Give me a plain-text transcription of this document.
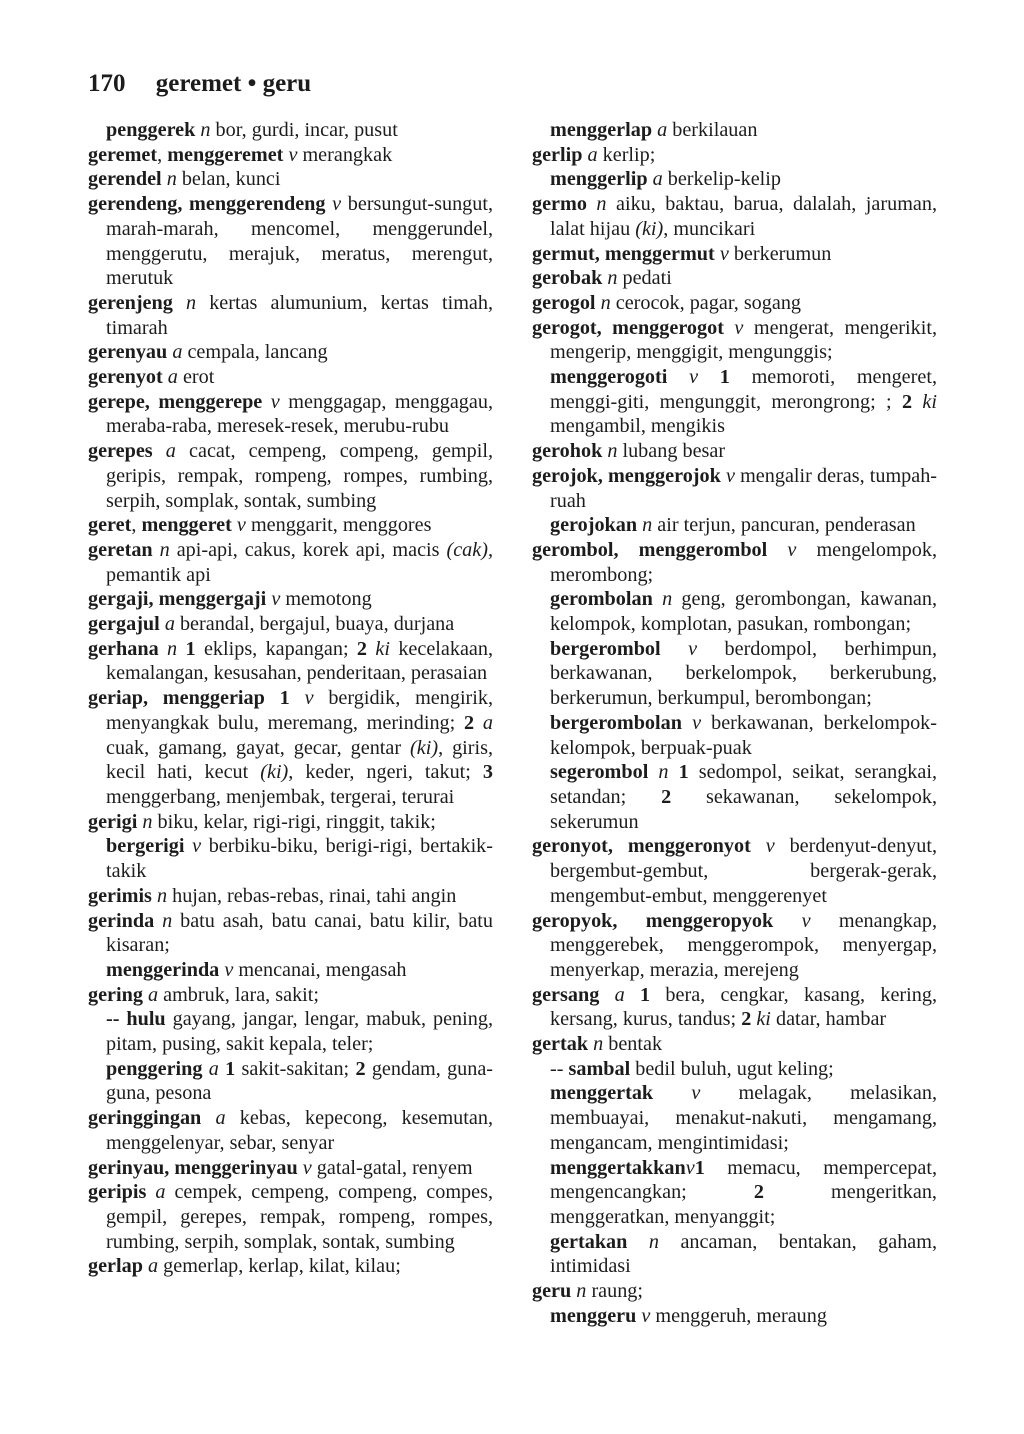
170 geremet • geru
penggerek n bor, gurdi, incar, pusut
geremet, menggeremet v merangkak
gerendel n belan, kunci
gerendeng, menggerendeng v bersungut-sungut, marah-marah, mencomel, menggerundel, menggerutu, merajuk, meratus, merengut, merutuk
gerenjeng n kertas alumunium, kertas timah, timarah
gerenyau a cempala, lancang
gerenyot a erot
gerepe, menggerepe v menggagap, menggagau, meraba-raba, meresek-resek, merubu-rubu
gerepes a cacat, cempeng, compeng, gempil, geripis, rempak, rompeng, rompes, rumbing, serpih, somplak, sontak, sumbing
geret, menggeret v menggarit, menggores
geretan n api-api, cakus, korek api, macis (cak), pemantik api
gergaji, menggergaji v memotong
gergajul a berandal, bergajul, buaya, durjana
gerhana n 1 eklips, kapangan; 2 ki kecelakaan, kemalangan, kesusahan, penderitaan, perasaian
geriap, menggeriap 1 v bergidik, mengirik, menyangkak bulu, meremang, merinding; 2 a cuak, gamang, gayat, gecar, gentar (ki), giris, kecil hati, kecut (ki), keder, ngeri, takut; 3 menggerbang, menjembak, tergerai, terurai
gerigi n biku, kelar, rigi-rigi, ringgit, takik;
bergerigi v berbiku-biku, berigi-rigi, bertakik-takik
gerimis n hujan, rebas-rebas, rinai, tahi angin
gerinda n batu asah, batu canai, batu kilir, batu kisaran;
menggerinda v mencanai, mengasah
gering a ambruk, lara, sakit;
-- hulu gayang, jangar, lengar, mabuk, pening, pitam, pusing, sakit kepala, teler;
penggering a 1 sakit-sakitan; 2 gendam, guna-guna, pesona
geringgingan a kebas, kepecong, kesemutan, menggelenyar, sebar, senyar
gerinyau, menggerinyau v gatal-gatal, renyem
geripis a cempek, cempeng, compeng, compes, gempil, gerepes, rempak, rompeng, rompes, rumbing, serpih, somplak, sontak, sumbing
gerlap a gemerlap, kerlap, kilat, kilau;
menggerlap a berkilauan
gerlip a kerlip;
menggerlip a berkelip-kelip
germo n aiku, baktau, barua, dalalah, jaruman, lalat hijau (ki), muncikari
germut, menggermut v berkerumun
gerobak n pedati
gerogol n cerocok, pagar, sogang
gerogot, menggerogot v mengerat, mengerikit, mengerip, menggigit, mengunggis;
menggerogoti v 1 memoroti, mengeret, menggi-giti, mengunggit, merongrong; ; 2 ki mengambil, mengikis
gerohok n lubang besar
gerojok, menggerojok v mengalir deras, tumpah-ruah
gerojokan n air terjun, pancuran, penderasan
gerombol, menggerombol v mengelompok, merombong;
gerombolan n geng, gerombongan, kawanan, kelompok, komplotan, pasukan, rombongan;
bergerombol v berdompol, berhimpun, berkawanan, berkelompok, berkerubung, berkerumun, berkumpul, berombongan;
bergerombolan v berkawanan, berkelompok-kelompok, berpuak-puak
segerombol n 1 sedompol, seikat, serangkai, setandan; 2 sekawanan, sekelompok, sekerumun
geronyot, menggeronyot v berdenyut-denyut, bergembut-gembut, bergerak-gerak, mengembut-embut, menggerenyet
geropyok, menggeropyok v menangkap, menggerebek, menggerompok, menyergap, menyerkap, merazia, merejeng
gersang a 1 bera, cengkar, kasang, kering, kersang, kurus, tandus; 2 ki datar, hambar
gertak n bentak
-- sambal bedil buluh, ugut keling;
menggertak v melagak, melasikan, membuayai, menakut-nakuti, mengamang, mengancam, mengintimidasi;
menggertakkanv1 memacu, mempercepat, mengencangkan; 2 mengeritkan, menggeratkan, menyanggit;
gertakan n ancaman, bentakan, gaham, intimidasi
geru n raung;
menggeru v menggeruh, meraung
